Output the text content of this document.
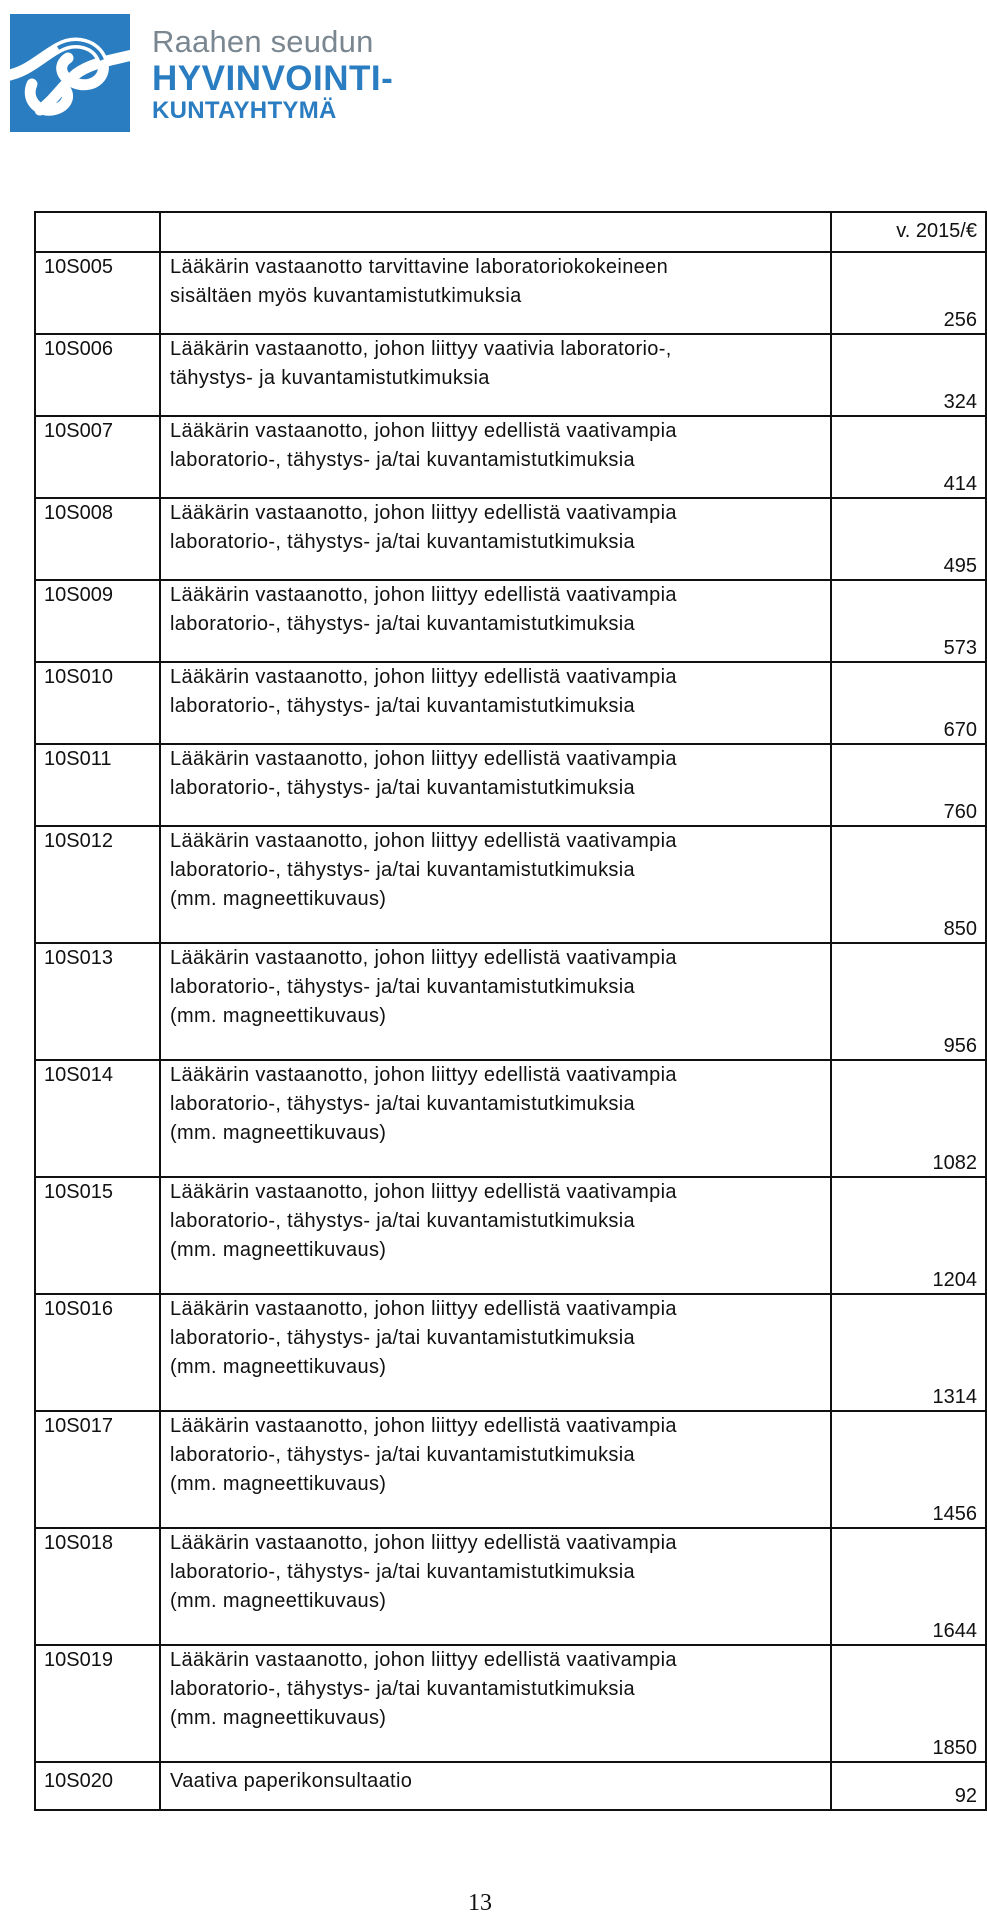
Raahen seudun
HYVINVOINTI-
KUNTAYHTYMÄ

		v. 2015/€

10S005	Lääkärin vastaanotto tarvittavine laboratoriokokeineen
sisältäen myös kuvantamistutkimuksia	256

10S006	Lääkärin vastaanotto, johon liittyy vaativia laboratorio-,
tähystys- ja kuvantamistutkimuksia	324

10S007	Lääkärin vastaanotto, johon liittyy edellistä vaativampia
laboratorio-, tähystys- ja/tai kuvantamistutkimuksia	414

10S008	Lääkärin vastaanotto, johon liittyy edellistä vaativampia
laboratorio-, tähystys- ja/tai kuvantamistutkimuksia	495

10S009	Lääkärin vastaanotto, johon liittyy edellistä vaativampia
laboratorio-, tähystys- ja/tai kuvantamistutkimuksia	573

10S010	Lääkärin vastaanotto, johon liittyy edellistä vaativampia
laboratorio-, tähystys- ja/tai kuvantamistutkimuksia	670

10S011	Lääkärin vastaanotto, johon liittyy edellistä vaativampia
laboratorio-, tähystys- ja/tai kuvantamistutkimuksia	760

10S012	Lääkärin vastaanotto, johon liittyy edellistä vaativampia
laboratorio-, tähystys- ja/tai kuvantamistutkimuksia
(mm. magneettikuvaus)	850

10S013	Lääkärin vastaanotto, johon liittyy edellistä vaativampia
laboratorio-, tähystys- ja/tai kuvantamistutkimuksia
(mm. magneettikuvaus)	956

10S014	Lääkärin vastaanotto, johon liittyy edellistä vaativampia
laboratorio-, tähystys- ja/tai kuvantamistutkimuksia
(mm. magneettikuvaus)	1082

10S015	Lääkärin vastaanotto, johon liittyy edellistä vaativampia
laboratorio-, tähystys- ja/tai kuvantamistutkimuksia
(mm. magneettikuvaus)	1204

10S016	Lääkärin vastaanotto, johon liittyy edellistä vaativampia
laboratorio-, tähystys- ja/tai kuvantamistutkimuksia
(mm. magneettikuvaus)	1314

10S017	Lääkärin vastaanotto, johon liittyy edellistä vaativampia
laboratorio-, tähystys- ja/tai kuvantamistutkimuksia
(mm. magneettikuvaus)	1456

10S018	Lääkärin vastaanotto, johon liittyy edellistä vaativampia
laboratorio-, tähystys- ja/tai kuvantamistutkimuksia
(mm. magneettikuvaus)	1644

10S019	Lääkärin vastaanotto, johon liittyy edellistä vaativampia
laboratorio-, tähystys- ja/tai kuvantamistutkimuksia
(mm. magneettikuvaus)	1850

10S020	Vaativa paperikonsultaatio	92
13
